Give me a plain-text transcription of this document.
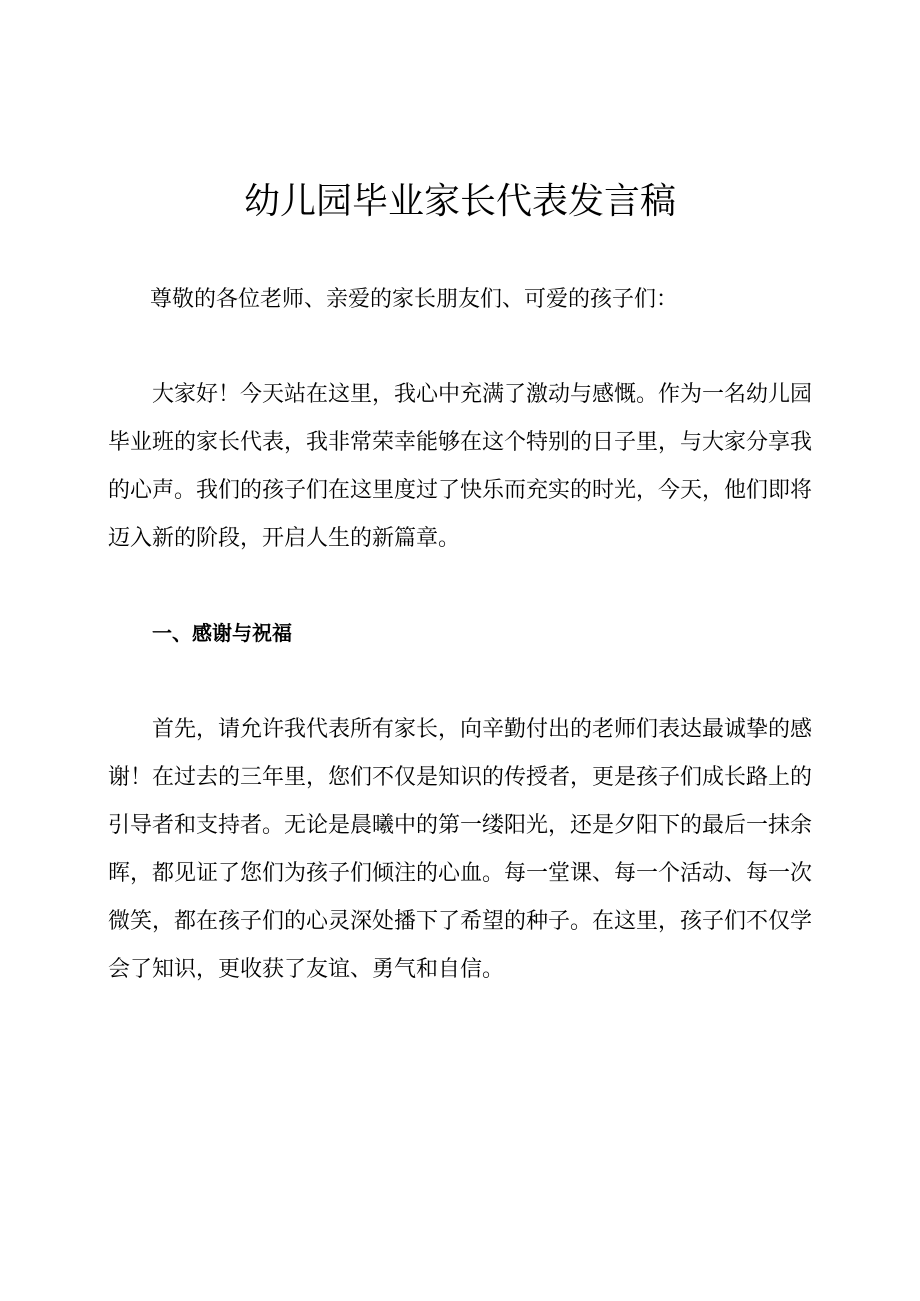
幼儿园毕业家长代表发言稿

尊敬的各位老师、亲爱的家长朋友们、可爱的孩子们：

大家好！今天站在这里，我心中充满了激动与感慨。作为一名幼儿园毕业班的家长代表，我非常荣幸能够在这个特别的日子里，与大家分享我的心声。我们的孩子们在这里度过了快乐而充实的时光，今天，他们即将迈入新的阶段，开启人生的新篇章。

一、感谢与祝福

首先，请允许我代表所有家长，向辛勤付出的老师们表达最诚挚的感谢！在过去的三年里，您们不仅是知识的传授者，更是孩子们成长路上的引导者和支持者。无论是晨曦中的第一缕阳光，还是夕阳下的最后一抹余晖，都见证了您们为孩子们倾注的心血。每一堂课、每一个活动、每一次微笑，都在孩子们的心灵深处播下了希望的种子。在这里，孩子们不仅学会了知识，更收获了友谊、勇气和自信。
